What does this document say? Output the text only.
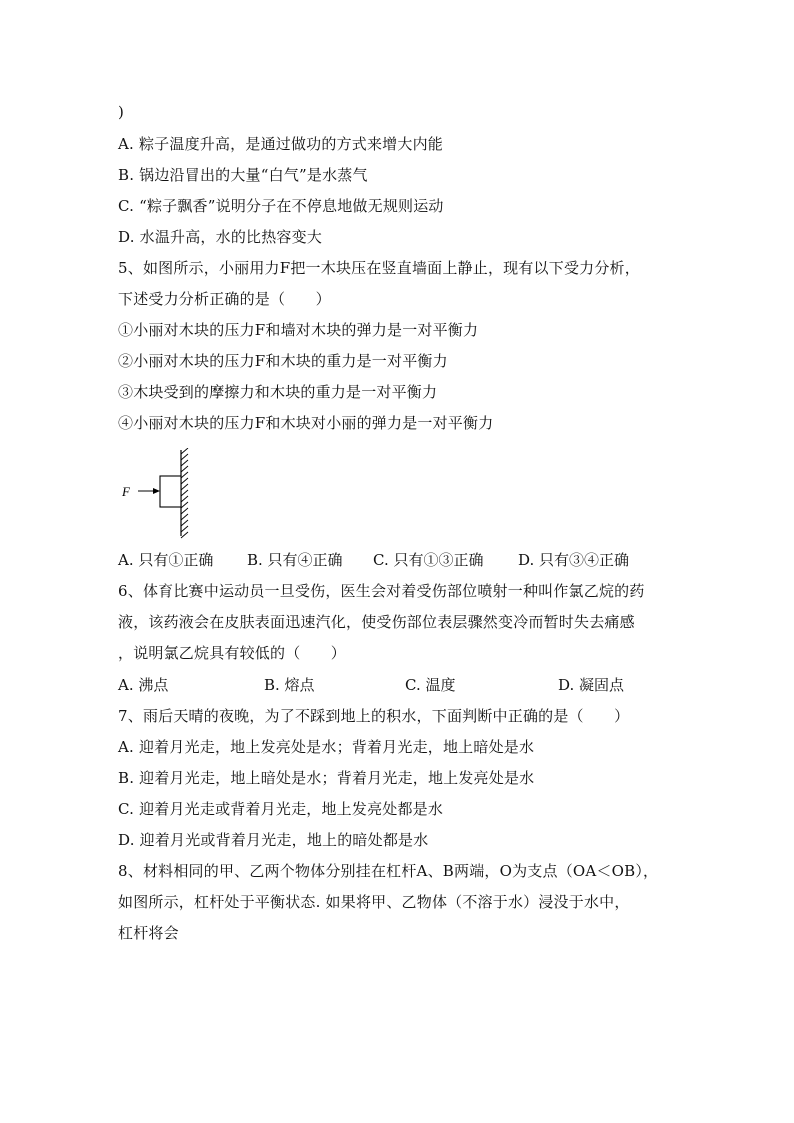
)
A. 粽子温度升高，是通过做功的方式来增大内能
B. 锅边沿冒出的大量“白气”是水蒸气
C. “粽子飘香”说明分子在不停息地做无规则运动
D. 水温升高，水的比热容变大
5、如图所示，小丽用力F把一木块压在竖直墙面上静止，现有以下受力分析，
下述受力分析正确的是（　　）
①小丽对木块的压力F和墙对木块的弹力是一对平衡力
②小丽对木块的压力F和木块的重力是一对平衡力
③木块受到的摩擦力和木块的重力是一对平衡力
④小丽对木块的压力F和木块对小丽的弹力是一对平衡力
F
A. 只有①正确 B. 只有④正确 C. 只有①③正确 D. 只有③④正确
6、体育比赛中运动员一旦受伤，医生会对着受伤部位喷射一种叫作氯乙烷的药
液，该药液会在皮肤表面迅速汽化，使受伤部位表层骤然变冷而暂时失去痛感
，说明氯乙烷具有较低的（　　）
A. 沸点	B. 熔点	C. 温度	D. 凝固点
7、雨后天晴的夜晚，为了不踩到地上的积水，下面判断中正确的是（　　）
A. 迎着月光走，地上发亮处是水；背着月光走，地上暗处是水
B. 迎着月光走，地上暗处是水；背着月光走，地上发亮处是水
C. 迎着月光走或背着月光走，地上发亮处都是水
D. 迎着月光或背着月光走，地上的暗处都是水
8、材料相同的甲、乙两个物体分别挂在杠杆A、B两端，O为支点（OA＜OB），
如图所示，杠杆处于平衡状态. 如果将甲、乙物体（不溶于水）浸没于水中，
杠杆将会
